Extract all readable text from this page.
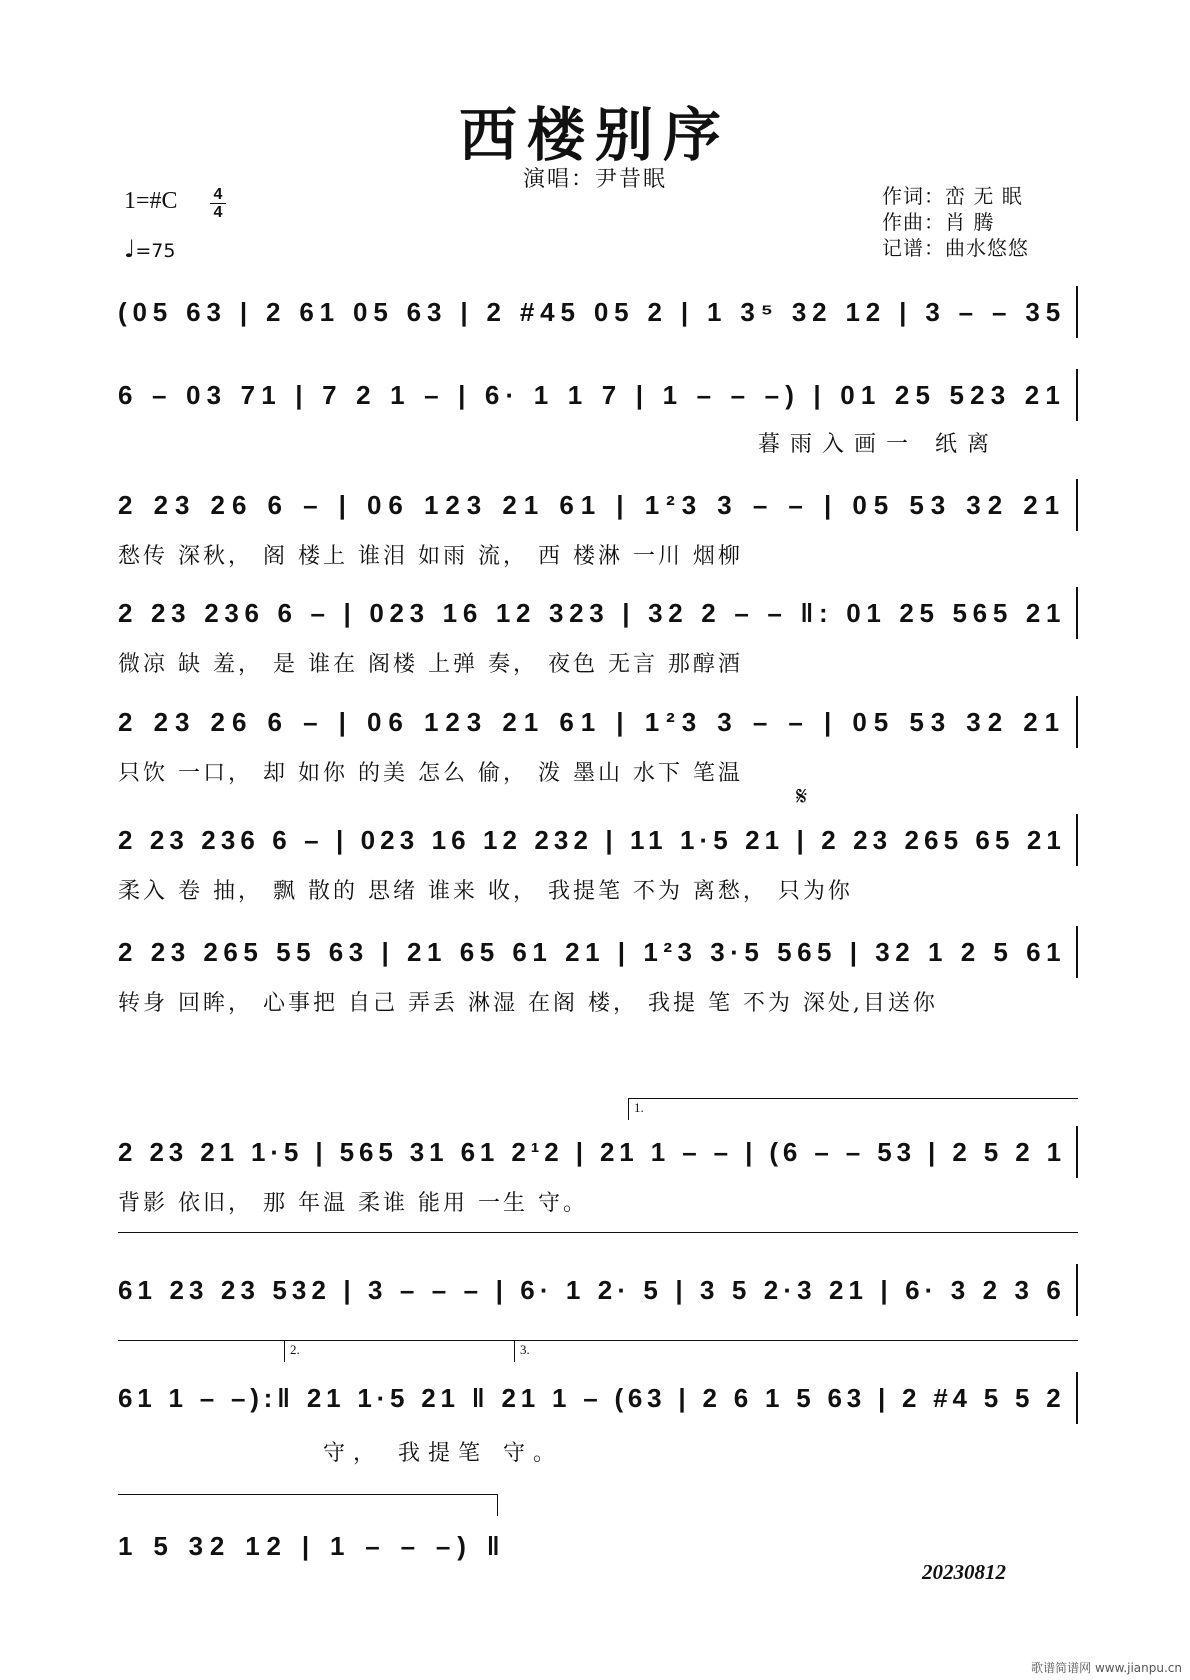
西楼别序
演唱：尹昔眠
1=#C	4
4
♩=75
作词：峦 无 眠
作曲：肖 腾
记谱：曲水悠悠
(05 63 | 2 61 05 63 | 2 #45 05 2 | 1 3⁵ 32 12 | 3 – – 35
6 – 03 71 | 7 2 1 – | 6· 1 1 7 | 1 – – –) | 01 25 523 21
暮雨入画一 纸离
2 23 26 6 – | 06 123 21 61 | 1²3 3 – – | 05 53 32 21
愁传 深秋， 阁 楼上 谁泪 如雨 流， 西 楼淋 一川 烟柳
2 23 236 6 – | 023 16 12 323 | 32 2 – – ‖: 01 25 565 21
微凉 缺 羞， 是 谁在 阁楼 上弹 奏， 夜色 无言 那醇酒
2 23 26 6 – | 06 123 21 61 | 1²3 3 – – | 05 53 32 21
只饮 一口， 却 如你 的美 怎么 偷， 泼 墨山 水下 笔温
𝄋
2 23 236 6 – | 023 16 12 232 | 11 1·5 21 | 2 23 265 65 21
柔入 卷 抽， 飘 散的 思绪 谁来 收， 我提笔 不为 离愁， 只为你
2 23 265 55 63 | 21 65 61 21 | 1²3 3·5 565 | 32 1 2 5 61
转身 回眸， 心事把 自己 弄丢 淋湿 在阁 楼， 我提 笔 不为 深处,目送你
1.
2 23 21 1·5 | 565 31 61 2¹2 | 21 1 – – | (6 – – 53 | 2 5 2 1
背影 依旧， 那 年温 柔谁 能用 一生 守。
61 23 23 532 | 3 – – – | 6· 1 2· 5 | 3 5 2·3 21 | 6· 3 2 3 6
2.	3.
61 1 – –):‖ 21 1·5 21 ‖ 21 1 – (63 | 2 6 1 5 63 | 2 #4 5 5 2
守， 我提笔 守。
1 5 32 12 | 1 – – –) ‖
20230812
歌谱简谱网 www.jianpu.cn
